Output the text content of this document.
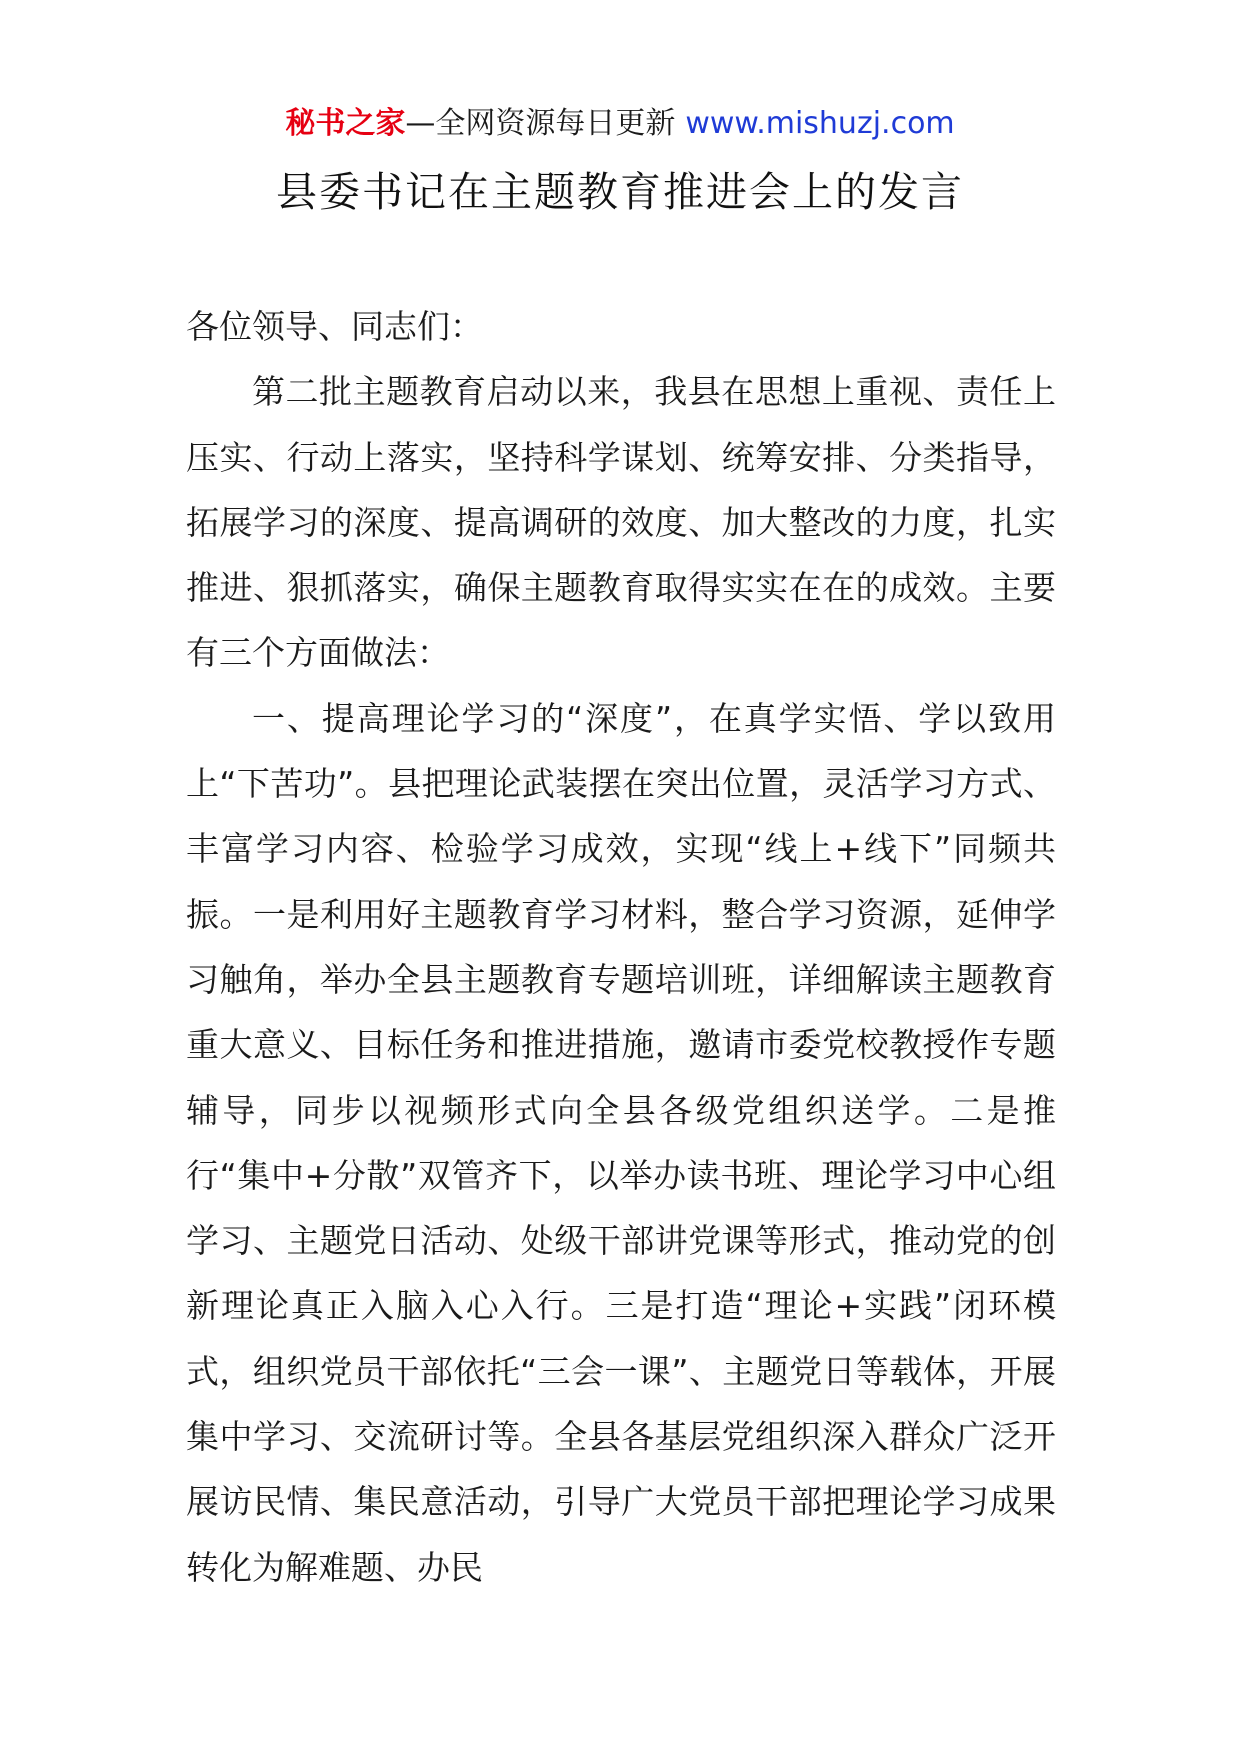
秘书之家—全网资源每日更新 www.mishuzj.com
县委书记在主题教育推进会上的发言

各位领导、同志们：

第二批主题教育启动以来，我县在思想上重视、责任上压实、行动上落实，坚持科学谋划、统筹安排、分类指导，拓展学习的深度、提高调研的效度、加大整改的力度，扎实推进、狠抓落实，确保主题教育取得实实在在的成效。主要有三个方面做法：

一、提高理论学习的“深度”，在真学实悟、学以致用上“下苦功”。县把理论武装摆在突出位置，灵活学习方式、丰富学习内容、检验学习成效，实现“线上+线下”同频共振。一是利用好主题教育学习材料，整合学习资源，延伸学习触角，举办全县主题教育专题培训班，详细解读主题教育重大意义、目标任务和推进措施，邀请市委党校教授作专题辅导，同步以视频形式向全县各级党组织送学。二是推行“集中+分散”双管齐下，以举办读书班、理论学习中心组学习、主题党日活动、处级干部讲党课等形式，推动党的创新理论真正入脑入心入行。三是打造“理论+实践”闭环模式，组织党员干部依托“三会一课”、主题党日等载体，开展集中学习、交流研讨等。全县各基层党组织深入群众广泛开展访民情、集民意活动，引导广大党员干部把理论学习成果转化为解难题、办民
